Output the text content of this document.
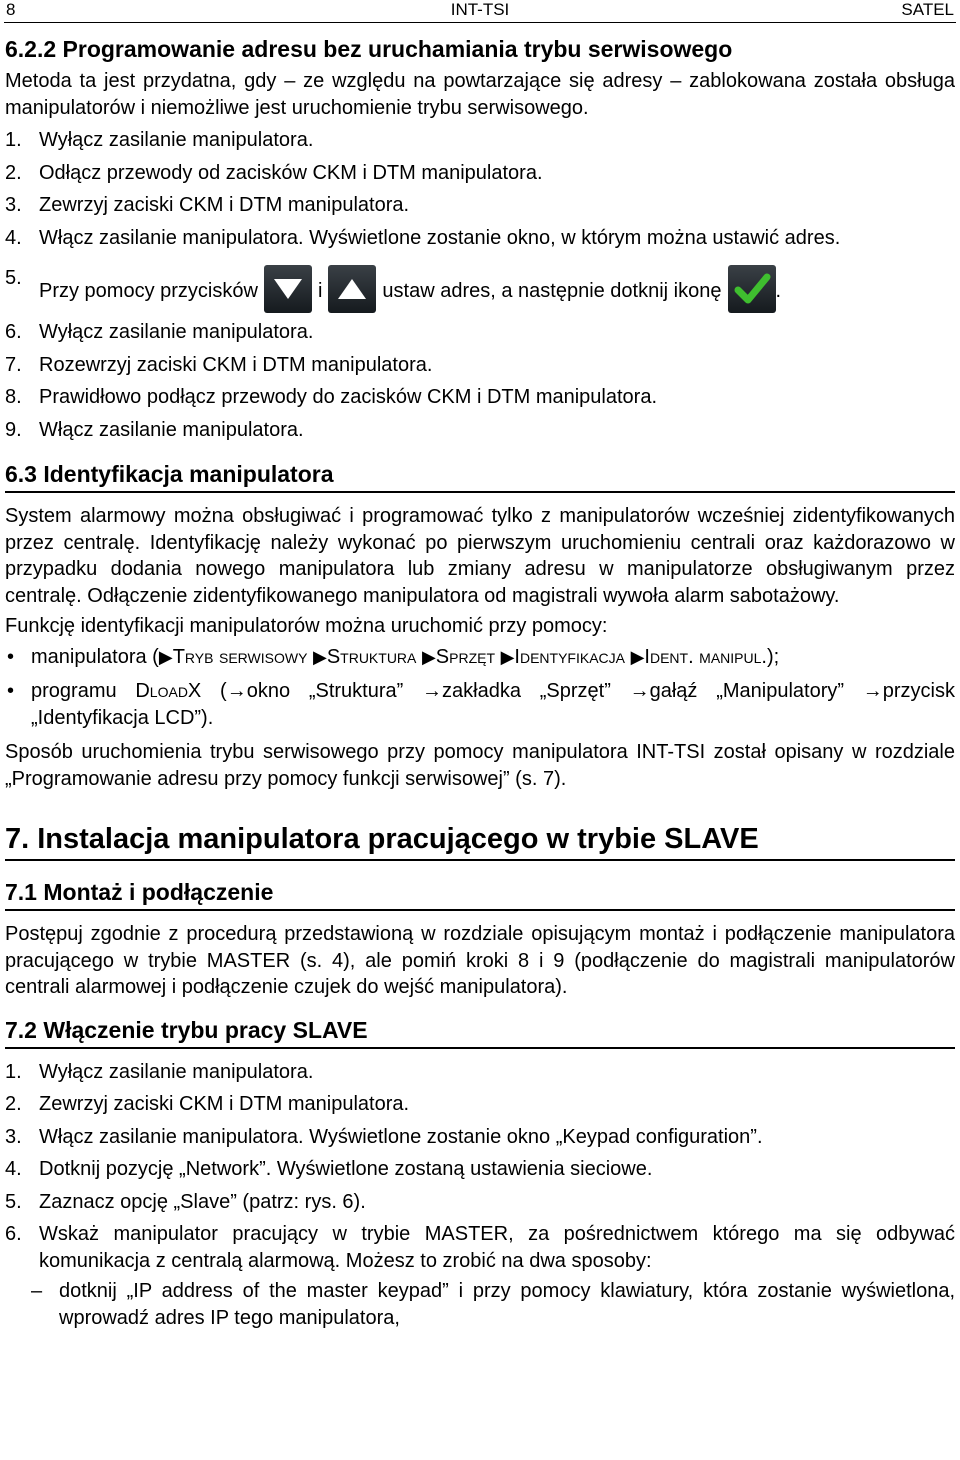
8	INT-TSI	SATEL
6.2.2 Programowanie adresu bez uruchamiania trybu serwisowego

Metoda ta jest przydatna, gdy – ze względu na powtarzające się adresy – zablokowana została obsługa manipulatorów i niemożliwe jest uruchomienie trybu serwisowego.

1. Wyłącz zasilanie manipulatora.
2. Odłącz przewody od zacisków CKM i DTM manipulatora.
3. Zewrzyj zaciski CKM i DTM manipulatora.
4. Włącz zasilanie manipulatora. Wyświetlone zostanie okno, w którym można ustawić adres.
5.
Przy pomocy przycisków	i	ustaw adres, a następnie dotknij ikonę	.
6. Wyłącz zasilanie manipulatora.
7. Rozewrzyj zaciski CKM i DTM manipulatora.
8. Prawidłowo podłącz przewody do zacisków CKM i DTM manipulatora.
9. Włącz zasilanie manipulatora.
6.3 Identyfikacja manipulatora

System alarmowy można obsługiwać i programować tylko z manipulatorów wcześniej zidentyfikowanych przez centralę. Identyfikację należy wykonać po pierwszym uruchomieniu centrali oraz każdorazowo w przypadku dodania nowego manipulatora lub zmiany adresu w manipulatorze obsługiwanym przez centralę. Odłączenie zidentyfikowanego manipulatora od magistrali wywoła alarm sabotażowy.

Funkcję identyfikacji manipulatorów można uruchomić przy pomocy:

• manipulatora (▶Tryb serwisowy ▶Struktura ▶Sprzęt ▶Identyfikacja ▶Ident. manipul.);
• programu DloadX (→okno „Struktura” →zakładka „Sprzęt” →gałąź „Manipulatory” →przycisk „Identyfikacja LCD”).

Sposób uruchomienia trybu serwisowego przy pomocy manipulatora INT-TSI został opisany w rozdziale „Programowanie adresu przy pomocy funkcji serwisowej” (s. 7).

7. Instalacja manipulatora pracującego w trybie SLAVE
7.1 Montaż i podłączenie

Postępuj zgodnie z procedurą przedstawioną w rozdziale opisującym montaż i podłączenie manipulatora pracującego w trybie MASTER (s. 4), ale pomiń kroki 8 i 9 (podłączenie do magistrali manipulatorów centrali alarmowej i podłączenie czujek do wejść manipulatora).

7.2 Włączenie trybu pracy SLAVE
1. Wyłącz zasilanie manipulatora.
2. Zewrzyj zaciski CKM i DTM manipulatora.
3. Włącz zasilanie manipulatora. Wyświetlone zostanie okno „Keypad configuration”.
4. Dotknij pozycję „Network”. Wyświetlone zostaną ustawienia sieciowe.
5. Zaznacz opcję „Slave” (patrz: rys. 6).
6. Wskaż manipulator pracujący w trybie MASTER, za pośrednictwem którego ma się odbywać komunikacja z centralą alarmową. Możesz to zrobić na dwa sposoby:
– dotknij „IP address of the master keypad” i przy pomocy klawiatury, która zostanie wyświetlona, wprowadź adres IP tego manipulatora,
